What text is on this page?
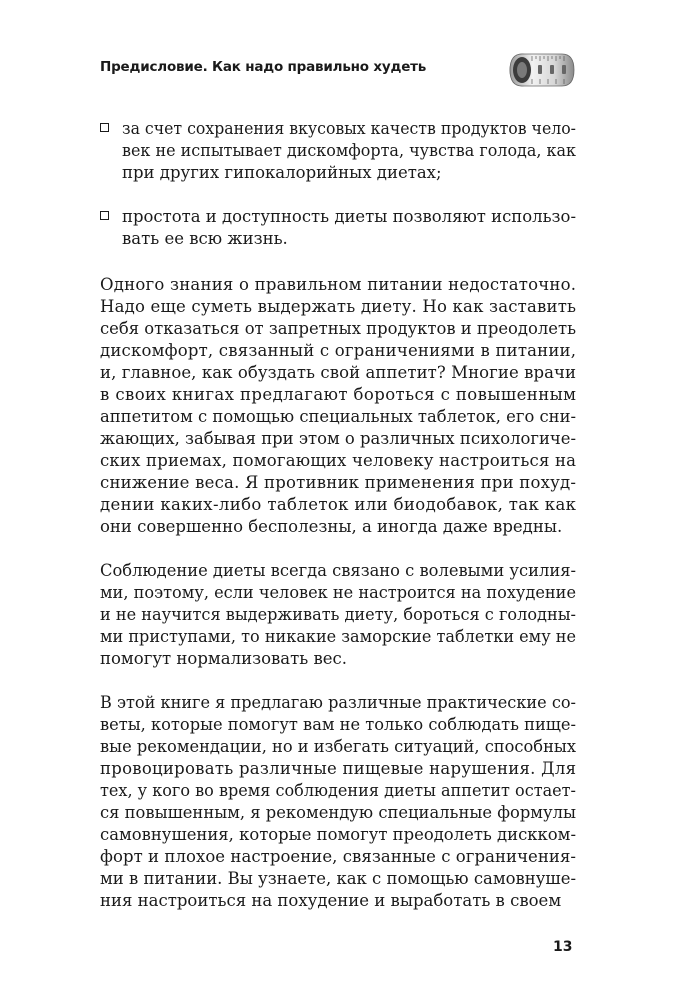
Предисловие. Как надо правильно худеть
за счет сохранения вкусовых качеств продуктов чело-
век не испытывает дискомфорта, чувства голода, как
при других гипокалорийных диетах;
простота и доступность диеты позволяют использо-
вать ее всю жизнь.

Одного знания о правильном питании недостаточно.
Надо еще суметь выдержать диету. Но как заставить
себя отказаться от запретных продуктов и преодолеть
дискомфорт, связанный с ограничениями в питании,
и, главное, как обуздать свой аппетит? Многие врачи
в своих книгах предлагают бороться с повышенным
аппетитом с помощью специальных таблеток, его сни-
жающих, забывая при этом о различных психологиче-
ских приемах, помогающих человеку настроиться на
снижение веса. Я противник применения при похуд-
дении каких-либо таблеток или биодобавок, так как
они совершенно бесполезны, а иногда даже вредны.

Соблюдение диеты всегда связано с волевыми усилия-
ми, поэтому, если человек не настроится на похудение
и не научится выдерживать диету, бороться с голодны-
ми приступами, то никакие заморские таблетки ему не
помогут нормализовать вес.

В этой книге я предлагаю различные практические со-
веты, которые помогут вам не только соблюдать пище-
вые рекомендации, но и избегать ситуаций, способных
провоцировать различные пищевые нарушения. Для
тех, у кого во время соблюдения диеты аппетит остает-
ся повышенным, я рекомендую специальные формулы
самовнушения, которые помогут преодолеть дискком-
форт и плохое настроение, связанные с ограничения-
ми в питании. Вы узнаете, как с помощью самовнуше-
ния настроиться на похудение и выработать в своем

13
